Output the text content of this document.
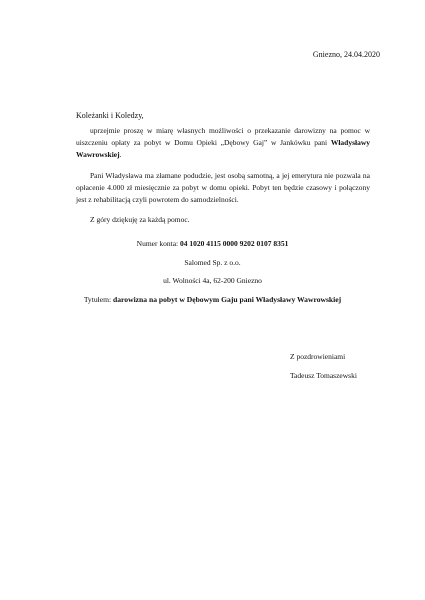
Gniezno, 24.04.2020
Koleżanki i Koledzy,
uprzejmie proszę w miarę własnych możliwości o przekazanie darowizny na pomoc w uiszczeniu opłaty za pobyt w Domu Opieki „Dębowy Gaj” w Jankówku pani Władysławy Wawrowskiej.
Pani Władysława ma złamane podudzie, jest osobą samotną, a jej emerytura nie pozwala na opłacenie 4.000 zł miesięcznie za pobyt w domu opieki. Pobyt ten będzie czasowy i połączony jest z rehabilitacją czyli powrotem do samodzielności.
Z góry dziękuję za każdą pomoc.
Numer konta: 04 1020 4115 0000 9202 0107 8351
Salomed Sp. z o.o.
ul. Wolności 4a, 62-200 Gniezno
Tytułem: darowizna na pobyt w Dębowym Gaju pani Władysławy Wawrowskiej
Z pozdrowieniami
Tadeusz Tomaszewski
